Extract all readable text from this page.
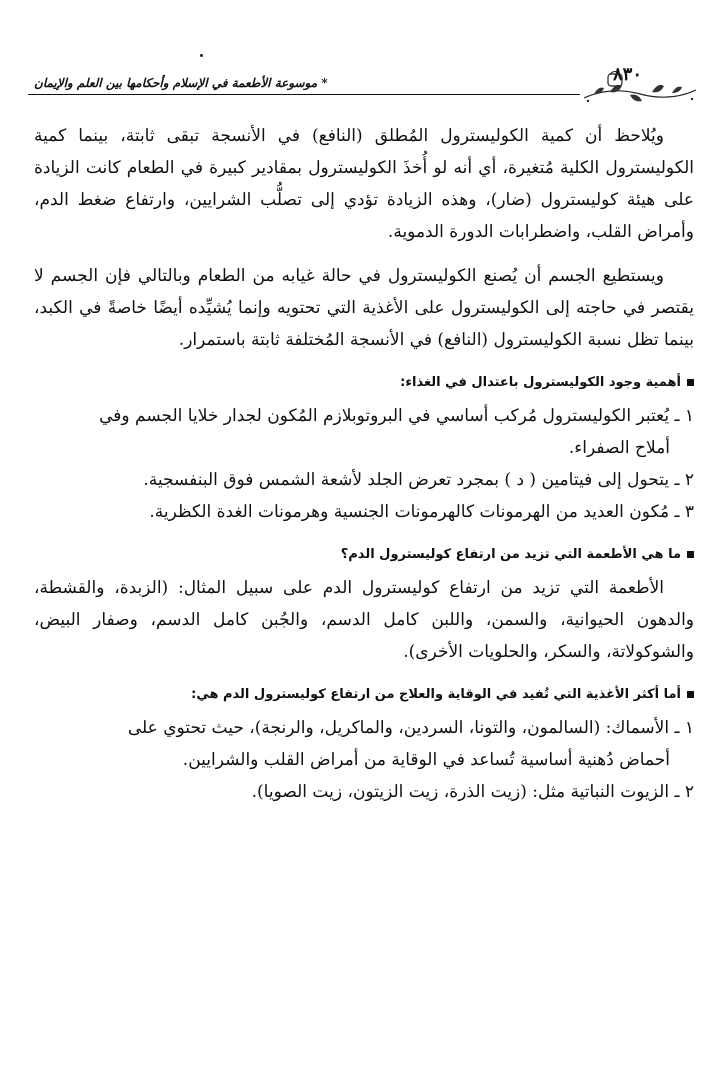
٨٣٠
* موسوعة الأطعمة في الإسلام وأحكامها بين العلم والإيمان

ويُلاحظ أن كمية الكوليسترول المُطلق (النافع) في الأنسجة تبقى ثابتة، بينما كمية الكوليسترول الكلية مُتغيرة، أي أنه لو أُخذَ الكوليسترول بمقادير كبيرة في الطعام كانت الزيادة على هيئة كوليسترول (ضار)، وهذه الزيادة تؤدي إلى تصلُّب الشرايين، وارتفاع ضغط الدم، وأمراض القلب، واضطرابات الدورة الدموية.

ويستطيع الجسم أن يُصنع الكوليسترول في حالة غيابه من الطعام وبالتالي فإن الجسم لا يقتصر في حاجته إلى الكوليسترول على الأغذية التي تحتويه وإنما يُشيِّده أيضًا خاصةً في الكبد، بينما تظل نسبة الكوليسترول (النافع) في الأنسجة المُختلفة ثابتة باستمرار.

أهمية وجود الكوليسترول باعتدال في الغذاء:

١ ـ يُعتبر الكوليسترول مُركب أساسي في البروتوبلازم المُكون لجدار خلايا الجسم وفي
أملاح الصفراء.

٢ ـ يتحول إلى فيتامين ( د ) بمجرد تعرض الجلد لأشعة الشمس فوق البنفسجية.

٣ ـ مُكون العديد من الهرمونات كالهرمونات الجنسية وهرمونات الغدة الكظرية.

ما هي الأطعمة التي تزيد من ارتفاع كوليسترول الدم؟

الأطعمة التي تزيد من ارتفاع كوليسترول الدم على سبيل المثال: (الزبدة، والقشطة، والدهون الحيوانية، والسمن، واللبن كامل الدسم، والجُبن كامل الدسم، وصفار البيض، والشوكولاتة، والسكر، والحلويات الأخرى).

أما أكثر الأغذية التي تُفيد في الوقاية والعلاج من ارتفاع كوليسترول الدم هي:

١ ـ الأسماك: (السالمون، والتونا، السردين، والماكريل، والرنجة)، حيث تحتوي على
أحماض دُهنية أساسية تُساعد في الوقاية من أمراض القلب والشرايين.

٢ ـ الزيوت النباتية مثل: (زيت الذرة، زيت الزيتون، زيت الصويا).
